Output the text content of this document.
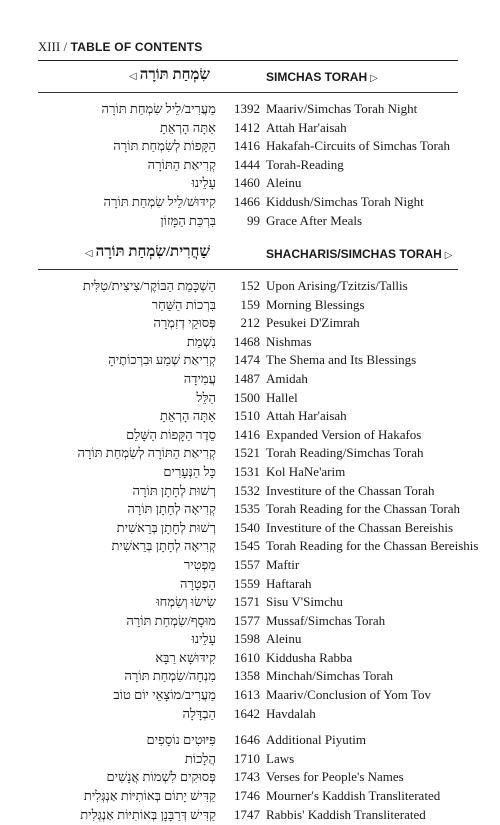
XIII / TABLE OF CONTENTS
שִׂמְחַת תּוֹרָה◁	SIMCHAS TORAH ▷
מַעֲרִיב/לֵיל שִׂמְחַת תּוֹרָה	1392 Maariv/Simchas Torah Night
אַתָּה הָרְאֵתָ	1412 Attah Har'aisah
הַקָּפוֹת לְשִׂמְחַת תּוֹרָה	1416 Hakafah-Circuits of Simchas Torah
קְרִיאַת הַתּוֹרָה	1444 Torah-Reading
עָלֵינוּ	1460 Aleinu
קִידּוּשׁ/לֵיל שִׂמְחַת תּוֹרָה	1466 Kiddush/Simchas Torah Night
בִּרְכַּת הַמָּזוֹן	99 Grace After Meals
שַׁחֲרִית/שִׂמְחַת תּוֹרָה◁	SHACHARIS/SIMCHAS TORAH ▷
הַשְׁכָּמַת הַבּוֹקֶר/צִיצִית/טַלִּית	152 Upon Arising/Tzitzis/Tallis
בִּרְכוֹת הַשַּׁחַר	159 Morning Blessings
פְּסוּקֵי דְזִמְרָה	212 Pesukei D'Zimrah
נִשְׁמַת	1468 Nishmas
קְרִיאַת שְׁמַע וּבִרְכוֹתֶיהָ	1474 The Shema and Its Blessings
עֲמִידָה	1487 Amidah
הַלֵּל	1500 Hallel
אַתָּה הָרְאֵתָ	1510 Attah Har'aisah
סֵדֶר הַקָּפוֹת הַשָּׁלֵם	1416 Expanded Version of Hakafos
קְרִיאַת הַתּוֹרָה לְשִׂמְחַת תּוֹרָה	1521 Torah Reading/Simchas Torah
כָּל הַנְּעָרִים	1531 Kol HaNe'arim
רְשׁוּת לְחָתָן תּוֹרָה	1532 Investiture of the Chassan Torah
קְרִיאָה לְחָתָן תּוֹרָה	1535 Torah Reading for the Chassan Torah
רְשׁוּת לְחָתָן בְּרֵאשִׁית	1540 Investiture of the Chassan Bereishis
קְרִיאָה לְחָתָן בְּרֵאשִׁית	1545 Torah Reading for the Chassan Bereishis
מַפְטִיר	1557 Maftir
הַפְטָרָה	1559 Haftarah
שִׂישׂוּ וְשִׂמְחוּ	1571 Sisu V'Simchu
מוּסָף/שִׂמְחַת תּוֹרָה	1577 Mussaf/Simchas Torah
עָלֵינוּ	1598 Aleinu
קִידּוּשָׁא רַבָּא	1610 Kiddusha Rabba
מִנְחָה/שִׂמְחַת תּוֹרָה	1358 Minchah/Simchas Torah
מַעֲרִיב/מוֹצָאֵי יוֹם טוֹב	1613 Maariv/Conclusion of Yom Tov
הַבְדָּלָה	1642 Havdalah
פִּיּוּטִים נוֹסָפִים	1646 Additional Piyutim
הֲלָכוֹת	1710 Laws
פְּסוּקִים לִשְׁמוֹת אֲנָשִׁים	1743 Verses for People's Names
קַדִּישׁ יָתוֹם בְּאוֹתִיּוֹת אַנְגְּלִית	1746 Mourner's Kaddish Transliterated
קַדִּישׁ דְּרַבָּנָן בְּאוֹתִיּוֹת אַנְגְּלִית	1747 Rabbis' Kaddish Transliterated
